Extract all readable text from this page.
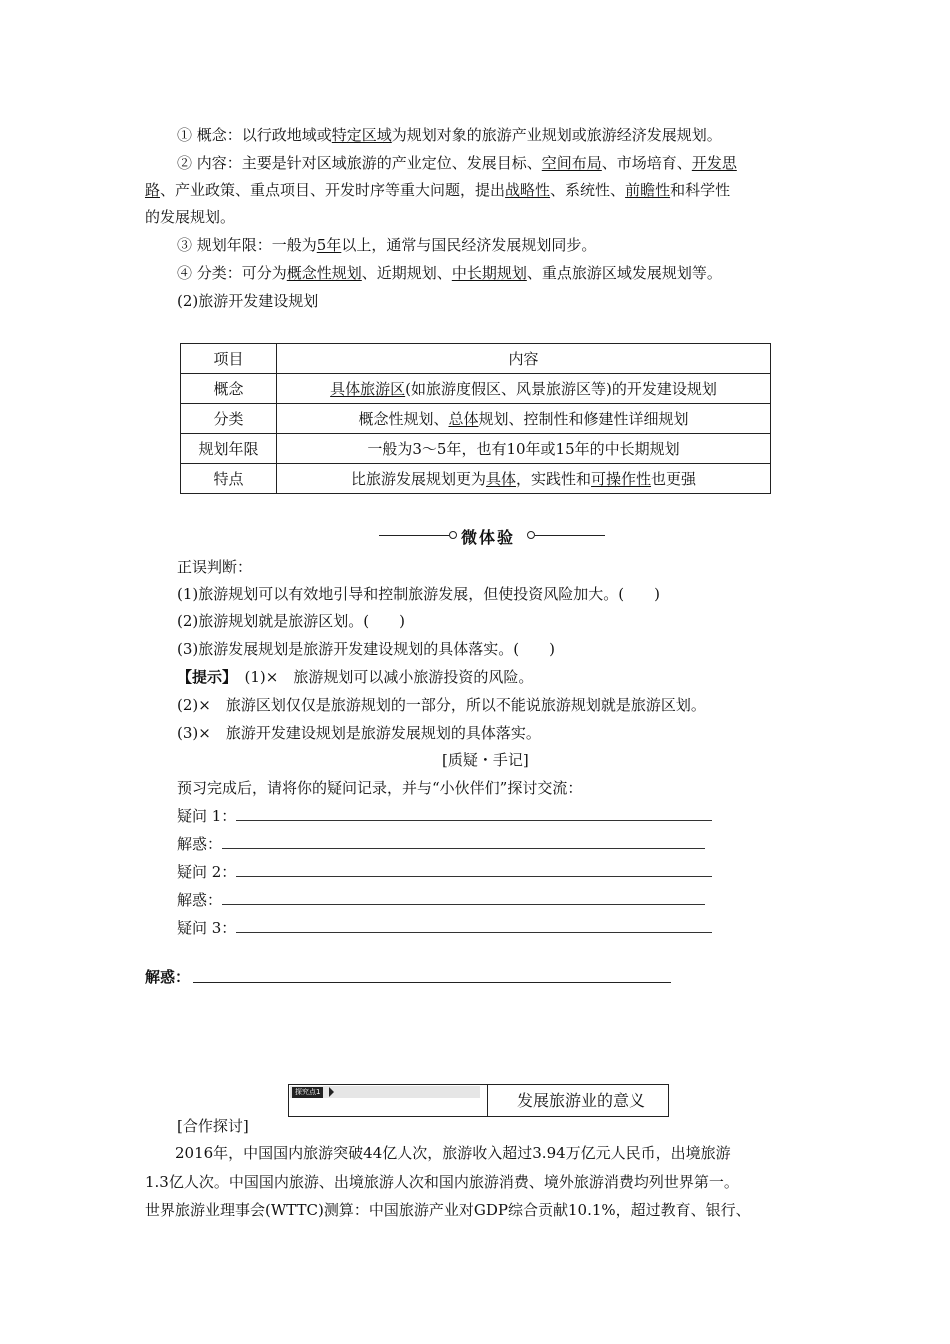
① 概念：以行政地域或特定区域为规划对象的旅游产业规划或旅游经济发展规划。
② 内容：主要是针对区域旅游的产业定位、发展目标、空间布局、市场培育、开发思
路、产业政策、重点项目、开发时序等重大问题，提出战略性、系统性、前瞻性和科学性
的发展规划。
③ 规划年限：一般为5年以上，通常与国民经济发展规划同步。
④ 分类：可分为概念性规划、近期规划、中长期规划、重点旅游区域发展规划等。
(2)旅游开发建设规划
项目	内容
概念	具体旅游区(如旅游度假区、风景旅游区等)的开发建设规划
分类	概念性规划、总体规划、控制性和修建性详细规划
规划年限	一般为3～5年，也有10年或15年的中长期规划
特点	比旅游发展规划更为具体，实践性和可操作性也更强
微体验
正误判断：
(1)旅游规划可以有效地引导和控制旅游发展，但使投资风险加大。(　　)
(2)旅游规划就是旅游区划。(　　)
(3)旅游发展规划是旅游开发建设规划的具体落实。(　　)
【提示】　(1)×　旅游规划可以减小旅游投资的风险。
(2)×　旅游区划仅仅是旅游规划的一部分，所以不能说旅游规划就是旅游区划。
(3)×　旅游开发建设规划是旅游发展规划的具体落实。
[质疑・手记]
预习完成后，请将你的疑问记录，并与“小伙伴们”探讨交流：
疑问 1：
解惑：
疑问 2：
解惑：
疑问 3：
解惑：
探究点1	发展旅游业的意义
[合作探讨]
　　2016年，中国国内旅游突破44亿人次，旅游收入超过3.94万亿元人民币，出境旅游
1.3亿人次。中国国内旅游、出境旅游人次和国内旅游消费、境外旅游消费均列世界第一。
世界旅游业理事会(WTTC)测算：中国旅游产业对GDP综合贡献10.1%，超过教育、银行、
